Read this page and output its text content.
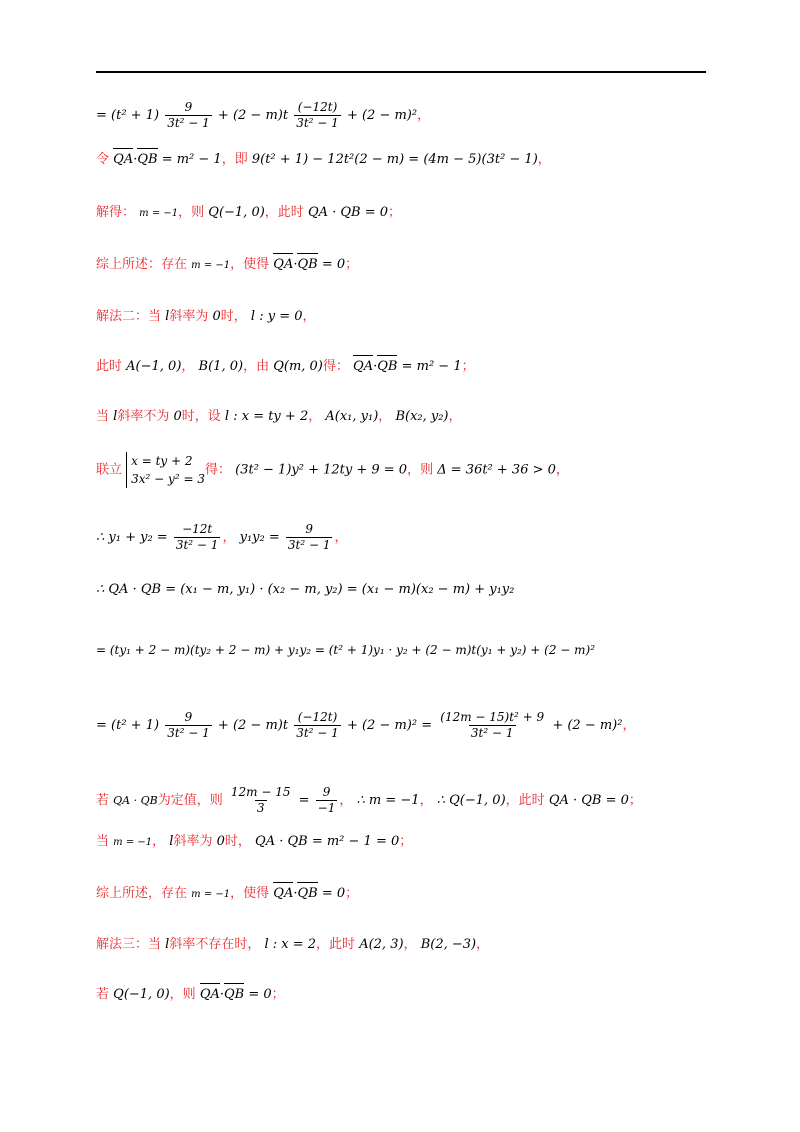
= $(t^2 + 1) \frac{9}{\text{3t² − 1}} + (2 - m)t \frac{(-12t)}{\text{3t² − 1}} + (2 - m)^2$，
令 QA·QB = m² − 1，即 9(t² + 1) − 12t²(2 − m) = (4m − 5)(3t² − 1)，
解得： m = −1，则 Q(−1, 0)，此时 QA · QB = 0；
综上所述：存在 m = −1，使得 QA·QB = 0；
解法二：当 l斜率为 0时， l : y = 0，
此时 A(−1, 0)， B(1, 0)，由 Q(m, 0)得： QA·QB = m² − 1；
当 l斜率不为 0时，设 l : x = ty + 2， A(x₁, y₁)， B(x₂, y₂)，
联立
x = ty + 2
3x² − y² = 3
得： (3t² − 1)y² + 12ty + 9 = 0，则 Δ = 36t² + 36 > 0，
∴ $y_1 + y_2 = \frac{-12t}{\text{3t² − 1}}$ ， $y_1y_2 = \frac{9}{\text{3t² − 1}}$ ，
∴ QA · QB = (x₁ − m, y₁) · (x₂ − m, y₂) = (x₁ − m)(x₂ − m) + y₁y₂
= (ty₁ + 2 − m)(ty₂ + 2 − m) + y₁y₂ = (t² + 1)y₁ · y₂ + (2 − m)t(y₁ + y₂) + (2 − m)²
= $(t^2 + 1) \frac{9}{\text{3t² − 1}} + (2 - m)t \frac{(-12t)}{\text{3t² − 1}} + (2 - m)^2 = \frac{\text{(12m − 15)t² + 9}}{\text{3t² − 1}} + (2 - m)^2$，
若 QA · QB为定值，则 $\frac{12m - 15}{3} = \frac{9}{-1}$ ， ∴ m = −1， ∴ Q(−1, 0)，此时 QA · QB = 0；
当 m = −1， l斜率为 0时， QA · QB = m² − 1 = 0；
综上所述，存在 m = −1，使得 QA·QB = 0；
解法三：当 l斜率不存在时， l : x = 2，此时 A(2, 3)， B(2, −3)，
若 Q(−1, 0)，则 QA·QB = 0；
